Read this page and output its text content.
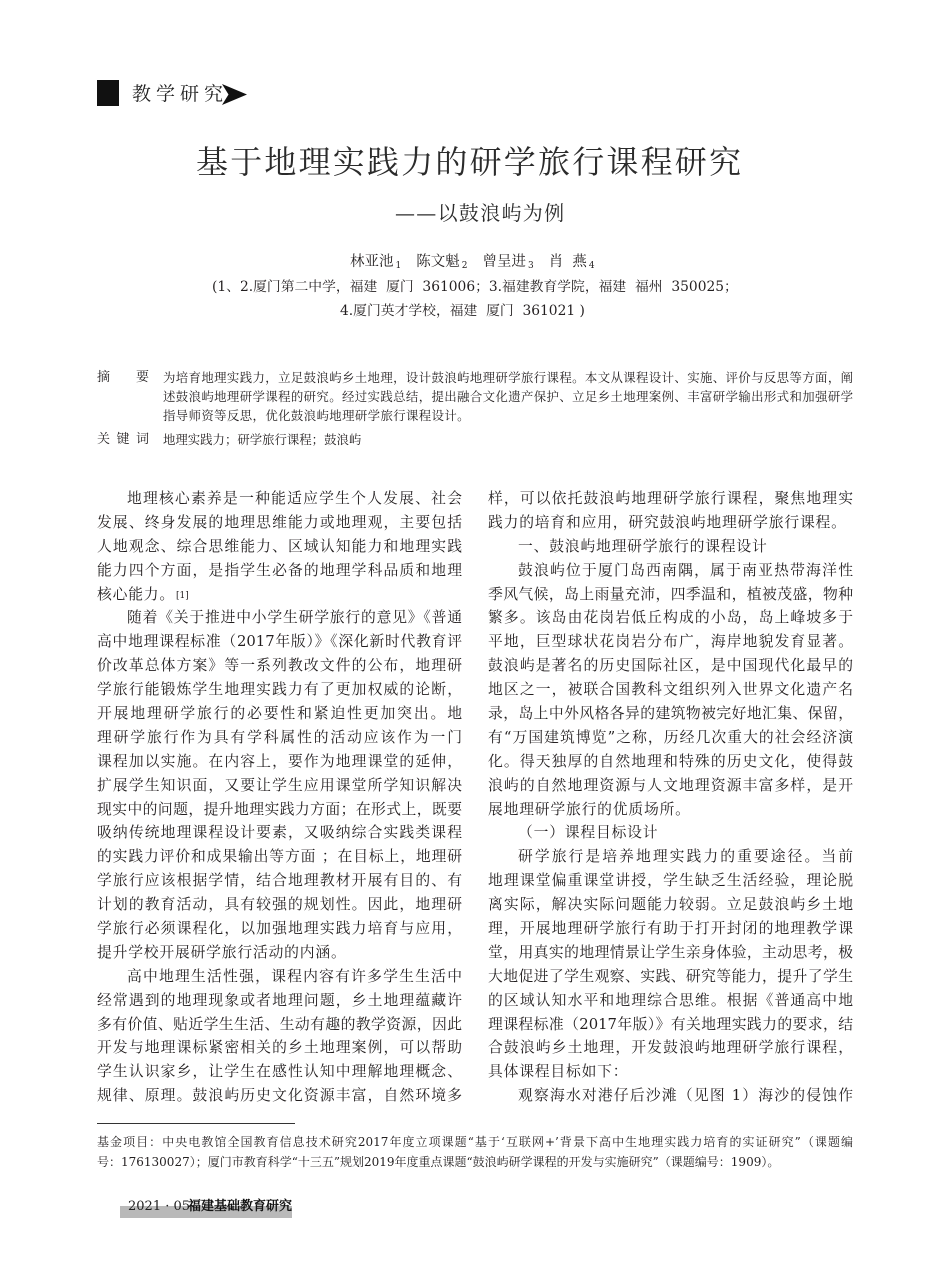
教学研究
基于地理实践力的研学旅行课程研究
——以鼓浪屿为例
林亚池 $_1$ 陈文魁 $_2$ 曾呈进 $_3$ 肖  燕 $_4$
(1、2.厦门第二中学，福建  厦门  361006；3.福建教育学院，福建  福州  350025；
4.厦门英才学校，福建  厦门  361021 )
摘 要 为培育地理实践力，立足鼓浪屿乡土地理，设计鼓浪屿地理研学旅行课程。本文从课程设计、实施、评价与反思等方面，阐
述鼓浪屿地理研学课程的研究。经过实践总结，提出融合文化遗产保护、立足乡土地理案例、丰富研学输出形式和加强研学
指导师资等反思，优化鼓浪屿地理研学旅行课程设计。
关 键 词 地理实践力；研学旅行课程；鼓浪屿
地理核心素养是一种能适应学生个人发展、社会
发展、终身发展的地理思维能力或地理观，主要包括
人地观念、综合思维能力、区域认知能力和地理实践
能力四个方面，是指学生必备的地理学科品质和地理
核心能力。[1]
随着《关于推进中小学生研学旅行的意见》《普通
高中地理课程标准（2017年版）》《深化新时代教育评
价改革总体方案》等一系列教改文件的公布，地理研
学旅行能锻炼学生地理实践力有了更加权威的论断，
开展地理研学旅行的必要性和紧迫性更加突出。地
理研学旅行作为具有学科属性的活动应该作为一门
课程加以实施。在内容上，要作为地理课堂的延伸，
扩展学生知识面，又要让学生应用课堂所学知识解决
现实中的问题，提升地理实践力方面；在形式上，既要
吸纳传统地理课程设计要素，又吸纳综合实践类课程
的实践力评价和成果输出等方面 ；在目标上，地理研
学旅行应该根据学情，结合地理教材开展有目的、有
计划的教育活动，具有较强的规划性。因此，地理研
学旅行必须课程化，以加强地理实践力培育与应用，
提升学校开展研学旅行活动的内涵。
高中地理生活性强，课程内容有许多学生生活中
经常遇到的地理现象或者地理问题，乡土地理蕴藏许
多有价值、贴近学生生活、生动有趣的教学资源，因此
开发与地理课标紧密相关的乡土地理案例，可以帮助
学生认识家乡，让学生在感性认知中理解地理概念、
规律、原理。鼓浪屿历史文化资源丰富，自然环境多
样，可以依托鼓浪屿地理研学旅行课程，聚焦地理实
践力的培育和应用，研究鼓浪屿地理研学旅行课程。
一、鼓浪屿地理研学旅行的课程设计
鼓浪屿位于厦门岛西南隅，属于南亚热带海洋性
季风气候，岛上雨量充沛，四季温和，植被茂盛，物种
繁多。该岛由花岗岩低丘构成的小岛，岛上峰坡多于
平地，巨型球状花岗岩分布广，海岸地貌发育显著。
鼓浪屿是著名的历史国际社区，是中国现代化最早的
地区之一，被联合国教科文组织列入世界文化遗产名
录，岛上中外风格各异的建筑物被完好地汇集、保留，
有“万国建筑博览”之称，历经几次重大的社会经济演
化。得天独厚的自然地理和特殊的历史文化，使得鼓
浪屿的自然地理资源与人文地理资源丰富多样，是开
展地理研学旅行的优质场所。
（一）课程目标设计
研学旅行是培养地理实践力的重要途径。当前
地理课堂偏重课堂讲授，学生缺乏生活经验，理论脱
离实际，解决实际问题能力较弱。立足鼓浪屿乡土地
理，开展地理研学旅行有助于打开封闭的地理教学课
堂，用真实的地理情景让学生亲身体验，主动思考，极
大地促进了学生观察、实践、研究等能力，提升了学生
的区域认知水平和地理综合思维。根据《普通高中地
理课程标准（2017年版）》有关地理实践力的要求，结
合鼓浪屿乡土地理，开发鼓浪屿地理研学旅行课程，
具体课程目标如下：
观察海水对港仔后沙滩（见图 1）海沙的侵蚀作
基金项目：中央电教馆全国教育信息技术研究2017年度立项课题“基于‘互联网+’背景下高中生地理实践力培育的实证研究”（课题编
号：176130027）；厦门市教育科学“十三五”规划2019年度重点课题“鼓浪屿研学课程的开发与实施研究”（课题编号：1909）。
2021 · 05
福建基础教育研究
